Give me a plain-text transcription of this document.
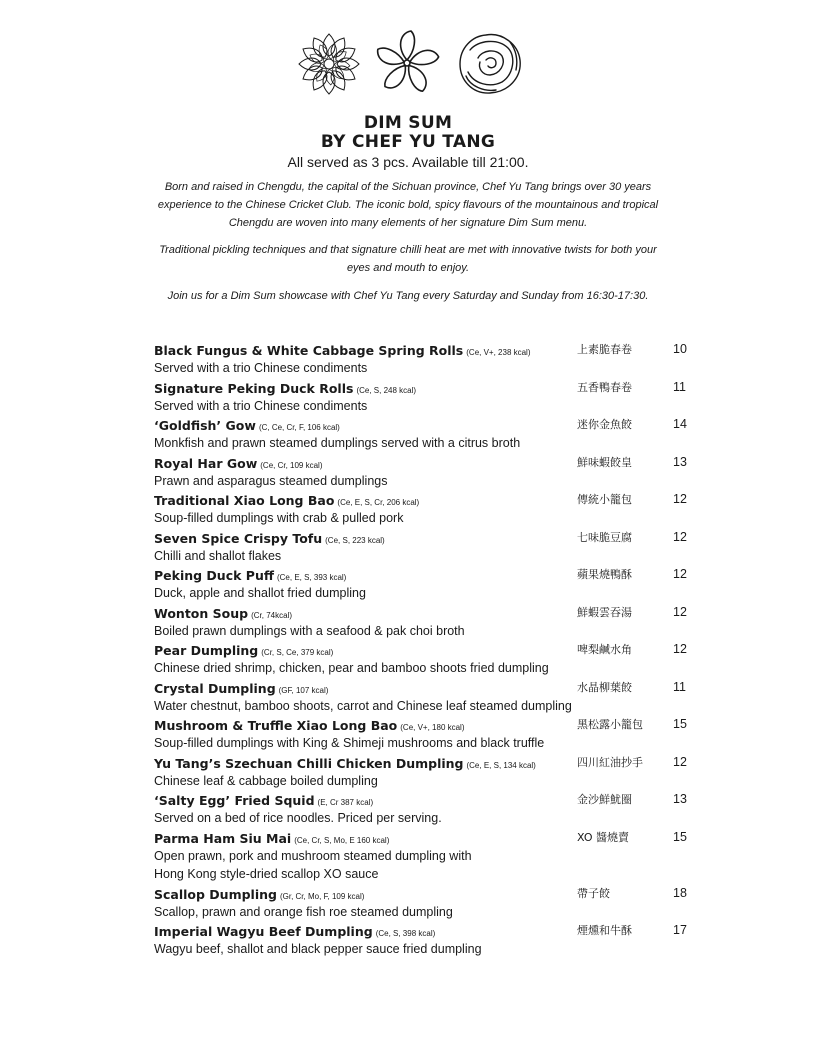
DIM SUM
BY CHEF YU TANG
All served as 3 pcs. Available till 21:00.
Born and raised in Chengdu, the capital of the Sichuan province, Chef Yu Tang brings over 30 years experience to the Chinese Cricket Club. The iconic bold, spicy flavours of the mountainous and tropical Chengdu are woven into many elements of her signature Dim Sum menu.
Traditional pickling techniques and that signature chilli heat are met with innovative twists for both your eyes and mouth to enjoy.
Join us for a Dim Sum showcase with Chef Yu Tang every Saturday and Sunday from 16:30-17:30.
Black Fungus & White Cabbage Spring Rolls (Ce, V+, 238 kcal)	上素脆春卷	10
Served with a trio Chinese condiments
Signature Peking Duck Rolls (Ce, S, 248 kcal)	五香鴨春卷	11
Served with a trio Chinese condiments
‘Goldfish’ Gow (C, Ce, Cr, F, 106 kcal)	迷你金魚餃	14
Monkfish and prawn steamed dumplings served with a citrus broth
Royal Har Gow (Ce, Cr, 109 kcal)	鮮味蝦餃皇	13
Prawn and asparagus steamed dumplings
Traditional Xiao Long Bao (Ce, E, S, Cr, 206 kcal)	傳統小籠包	12
Soup-filled dumplings with crab & pulled pork
Seven Spice Crispy Tofu (Ce, S, 223 kcal)	七味脆豆腐	12
Chilli and shallot flakes
Peking Duck Puff (Ce, E, S, 393 kcal)	蘋果燒鴨酥	12
Duck, apple and shallot fried dumpling
Wonton Soup (Cr, 74kcal)	鮮蝦雲吞湯	12
Boiled prawn dumplings with a seafood & pak choi broth
Pear Dumpling (Cr, S, Ce, 379 kcal)	啤梨鹹水角	12
Chinese dried shrimp, chicken, pear and bamboo shoots fried dumpling
Crystal Dumpling (GF, 107 kcal)	水晶柳葉餃	11
Water chestnut, bamboo shoots, carrot and Chinese leaf steamed dumpling
Mushroom & Truffle Xiao Long Bao (Ce, V+, 180 kcal)	黑松露小籠包 15
Soup-filled dumplings with King & Shimeji mushrooms and black truffle
Yu Tang’s Szechuan Chilli Chicken Dumpling (Ce, E, S, 134 kcal)	四川紅油抄手 12
Chinese leaf & cabbage boiled dumpling
‘Salty Egg’ Fried Squid (E, Cr 387 kcal)	金沙鮮魷圈	13
Served on a bed of rice noodles. Priced per serving.
Parma Ham Siu Mai (Ce, Cr, S, Mo, E 160 kcal)	XO 醬燒賣	15
Open prawn, pork and mushroom steamed dumpling with
Hong Kong style-dried scallop XO sauce
Scallop Dumpling (Gr, Cr, Mo, F, 109 kcal)	帶子餃	18
Scallop, prawn and orange fish roe steamed dumpling
Imperial Wagyu Beef Dumpling (Ce, S, 398 kcal)	煙燻和牛酥	17
Wagyu beef, shallot and black pepper sauce fried dumpling
